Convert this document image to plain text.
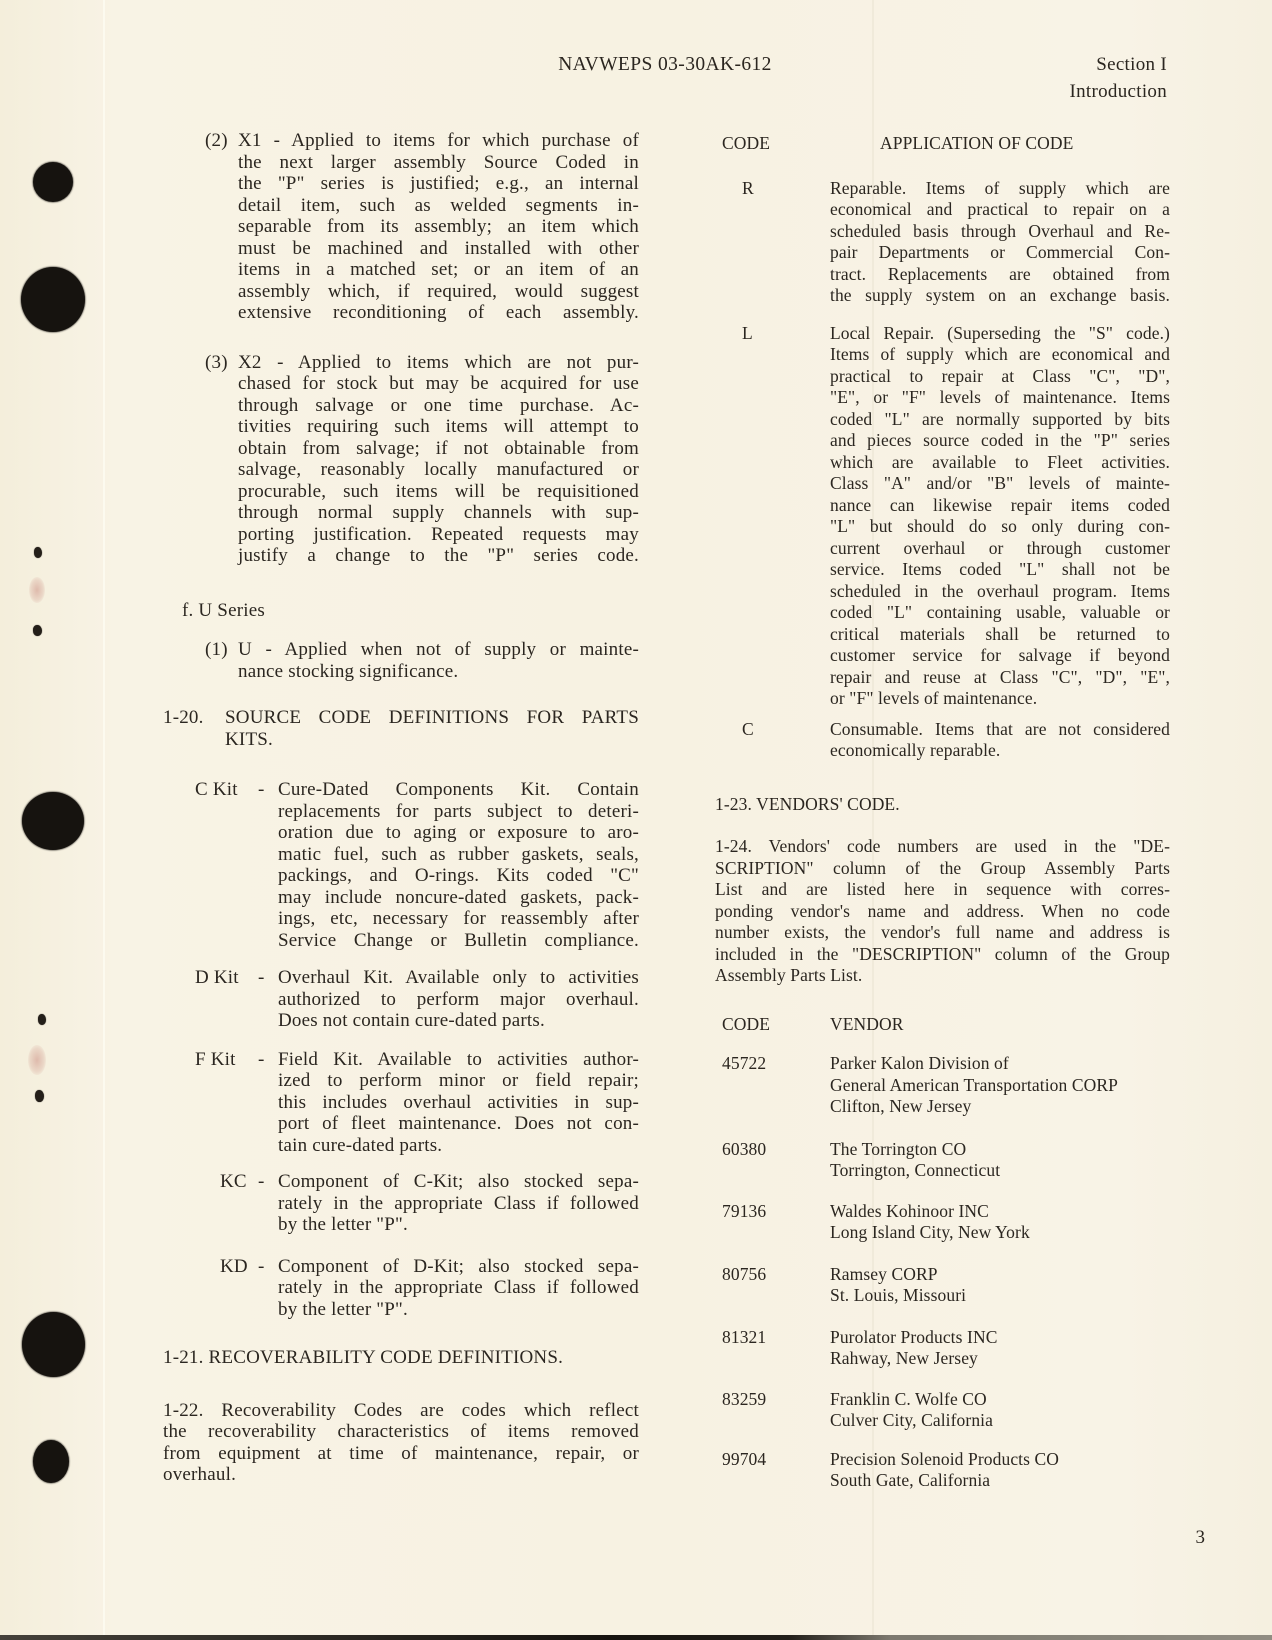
NAVWEPS 03-30AK-612	Section I
Introduction
(2) X1 - Applied to items for which purchase of
the next larger assembly Source Coded in
the "P" series is justified; e.g., an internal
detail item, such as welded segments in-
separable from its assembly; an item which
must be machined and installed with other
items in a matched set; or an item of an
assembly which, if required, would suggest
extensive reconditioning of each assembly.
(3) X2 - Applied to items which are not pur-
chased for stock but may be acquired for use
through salvage or one time purchase. Ac-
tivities requiring such items will attempt to
obtain from salvage; if not obtainable from
salvage, reasonably locally manufactured or
procurable, such items will be requisitioned
through normal supply channels with sup-
porting justification. Repeated requests may
justify a change to the "P" series code.
f. U Series
(1) U - Applied when not of supply or mainte-
nance stocking significance.
1-20. SOURCE CODE DEFINITIONS FOR PARTS
KITS.
C Kit - Cure-Dated Components Kit. Contain
replacements for parts subject to deteri-
oration due to aging or exposure to aro-
matic fuel, such as rubber gaskets, seals,
packings, and O-rings. Kits coded "C"
may include noncure-dated gaskets, pack-
ings, etc, necessary for reassembly after
Service Change or Bulletin compliance.
D Kit - Overhaul Kit. Available only to activities
authorized to perform major overhaul.
Does not contain cure-dated parts.
F Kit - Field Kit. Available to activities author-
ized to perform minor or field repair;
this includes overhaul activities in sup-
port of fleet maintenance. Does not con-
tain cure-dated parts.
KC - Component of C-Kit; also stocked sepa-
rately in the appropriate Class if followed
by the letter "P".
KD - Component of D-Kit; also stocked sepa-
rately in the appropriate Class if followed
by the letter "P".
1-21. RECOVERABILITY CODE DEFINITIONS.
1-22. Recoverability Codes are codes which reflect
the recoverability characteristics of items removed
from equipment at time of maintenance, repair, or
overhaul.
CODE	APPLICATION OF CODE
R	Reparable. Items of supply which are
economical and practical to repair on a
scheduled basis through Overhaul and Re-
pair Departments or Commercial Con-
tract. Replacements are obtained from
the supply system on an exchange basis.
L	Local Repair. (Superseding the "S" code.)
Items of supply which are economical and
practical to repair at Class "C", "D",
"E", or "F" levels of maintenance. Items
coded "L" are normally supported by bits
and pieces source coded in the "P" series
which are available to Fleet activities.
Class "A" and/or "B" levels of mainte-
nance can likewise repair items coded
"L" but should do so only during con-
current overhaul or through customer
service. Items coded "L" shall not be
scheduled in the overhaul program. Items
coded "L" containing usable, valuable or
critical materials shall be returned to
customer service for salvage if beyond
repair and reuse at Class "C", "D", "E",
or "F" levels of maintenance.
C	Consumable. Items that are not considered
economically reparable.
1-23. VENDORS' CODE.
1-24. Vendors' code numbers are used in the "DE-
SCRIPTION" column of the Group Assembly Parts
List and are listed here in sequence with corres-
ponding vendor's name and address. When no code
number exists, the vendor's full name and address is
included in the "DESCRIPTION" column of the Group
Assembly Parts List.
CODE	VENDOR
45722	Parker Kalon Division of
General American Transportation CORP
Clifton, New Jersey
60380	The Torrington CO
Torrington, Connecticut
79136	Waldes Kohinoor INC
Long Island City, New York
80756	Ramsey CORP
St. Louis, Missouri
81321	Purolator Products INC
Rahway, New Jersey
83259	Franklin C. Wolfe CO
Culver City, California
99704	Precision Solenoid Products CO
South Gate, California
3
